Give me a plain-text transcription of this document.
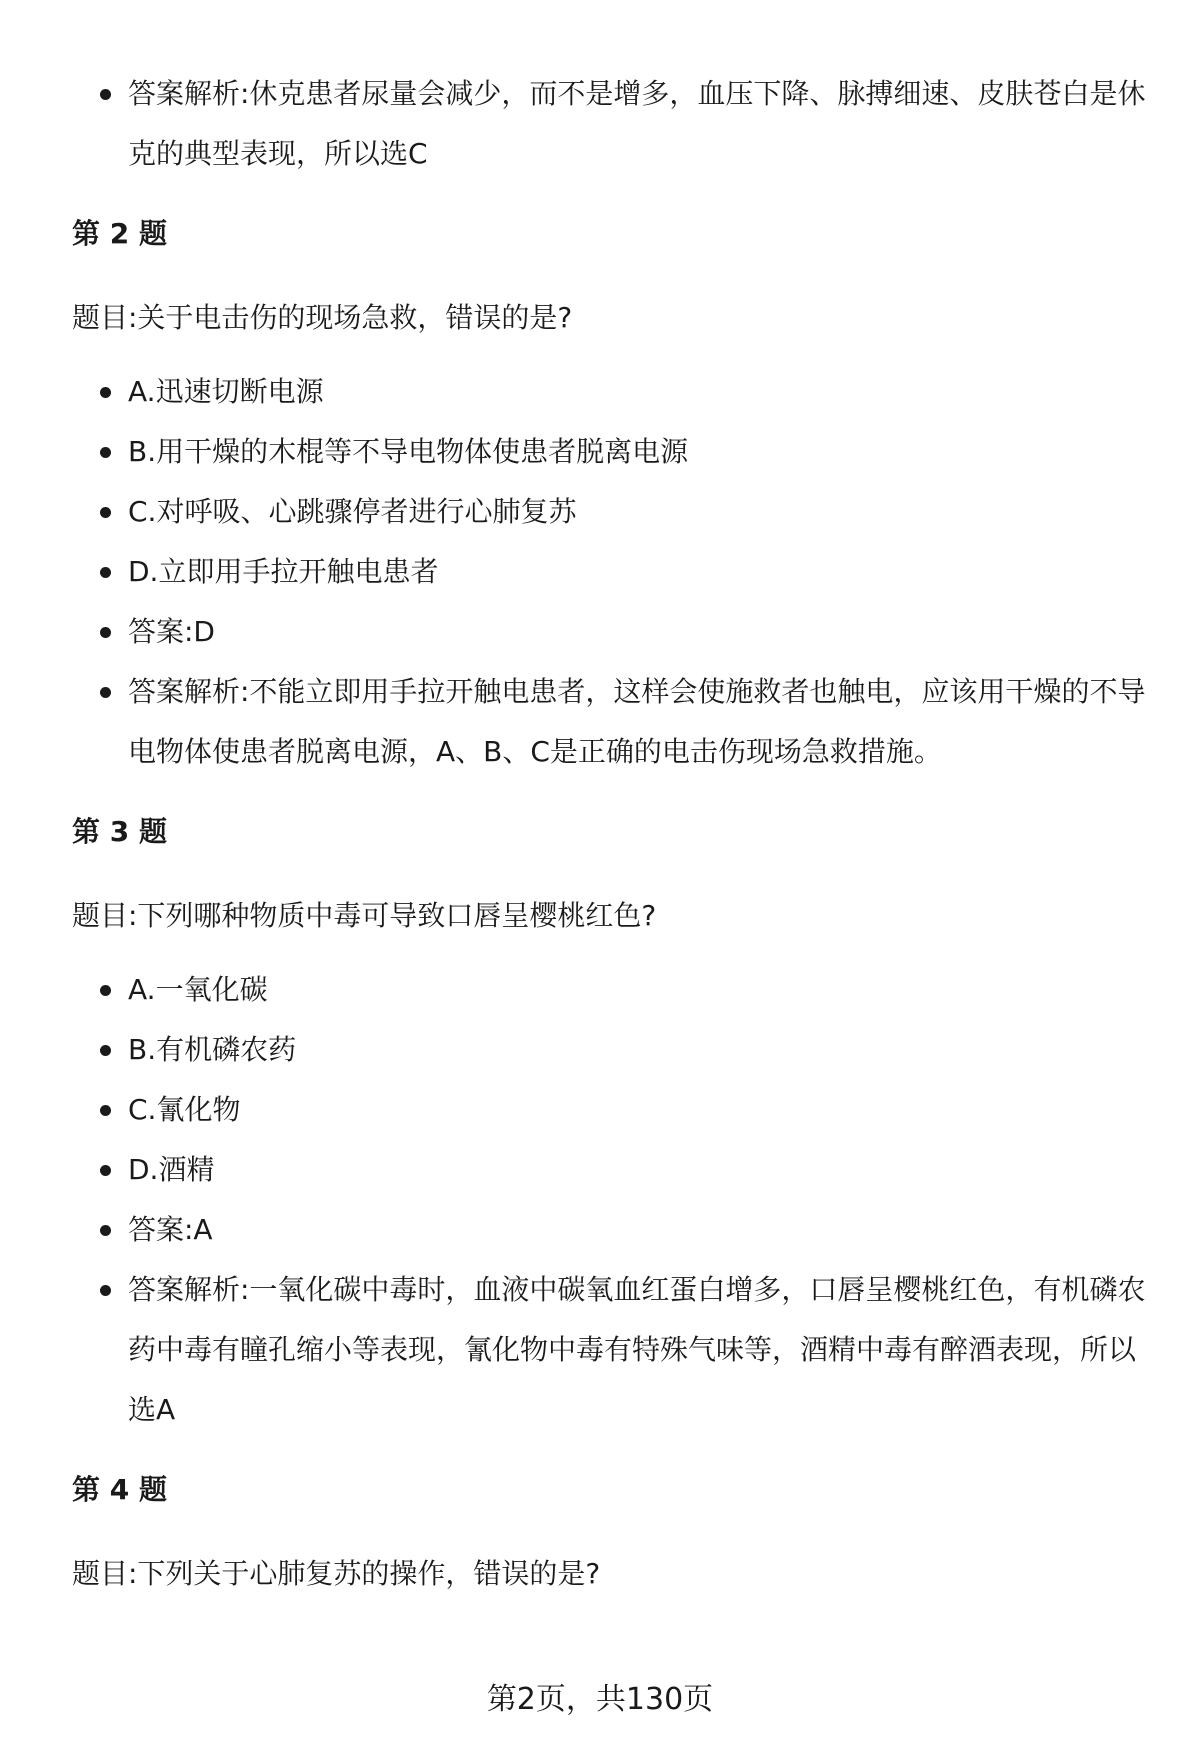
答案解析:休克患者尿量会减少，而不是增多，血压下降、脉搏细速、皮肤苍白是休克的典型表现，所以选C
第 2 题
题目:关于电击伤的现场急救，错误的是?
A.迅速切断电源
B.用干燥的木棍等不导电物体使患者脱离电源
C.对呼吸、心跳骤停者进行心肺复苏
D.立即用手拉开触电患者
答案:D
答案解析:不能立即用手拉开触电患者，这样会使施救者也触电，应该用干燥的不导电物体使患者脱离电源，A、B、C是正确的电击伤现场急救措施。
第 3 题
题目:下列哪种物质中毒可导致口唇呈樱桃红色?
A.一氧化碳
B.有机磷农药
C.氰化物
D.酒精
答案:A
答案解析:一氧化碳中毒时，血液中碳氧血红蛋白增多，口唇呈樱桃红色，有机磷农药中毒有瞳孔缩小等表现，氰化物中毒有特殊气味等，酒精中毒有醉酒表现，所以选A
第 4 题
题目:下列关于心肺复苏的操作，错误的是?
第2页，共130页
